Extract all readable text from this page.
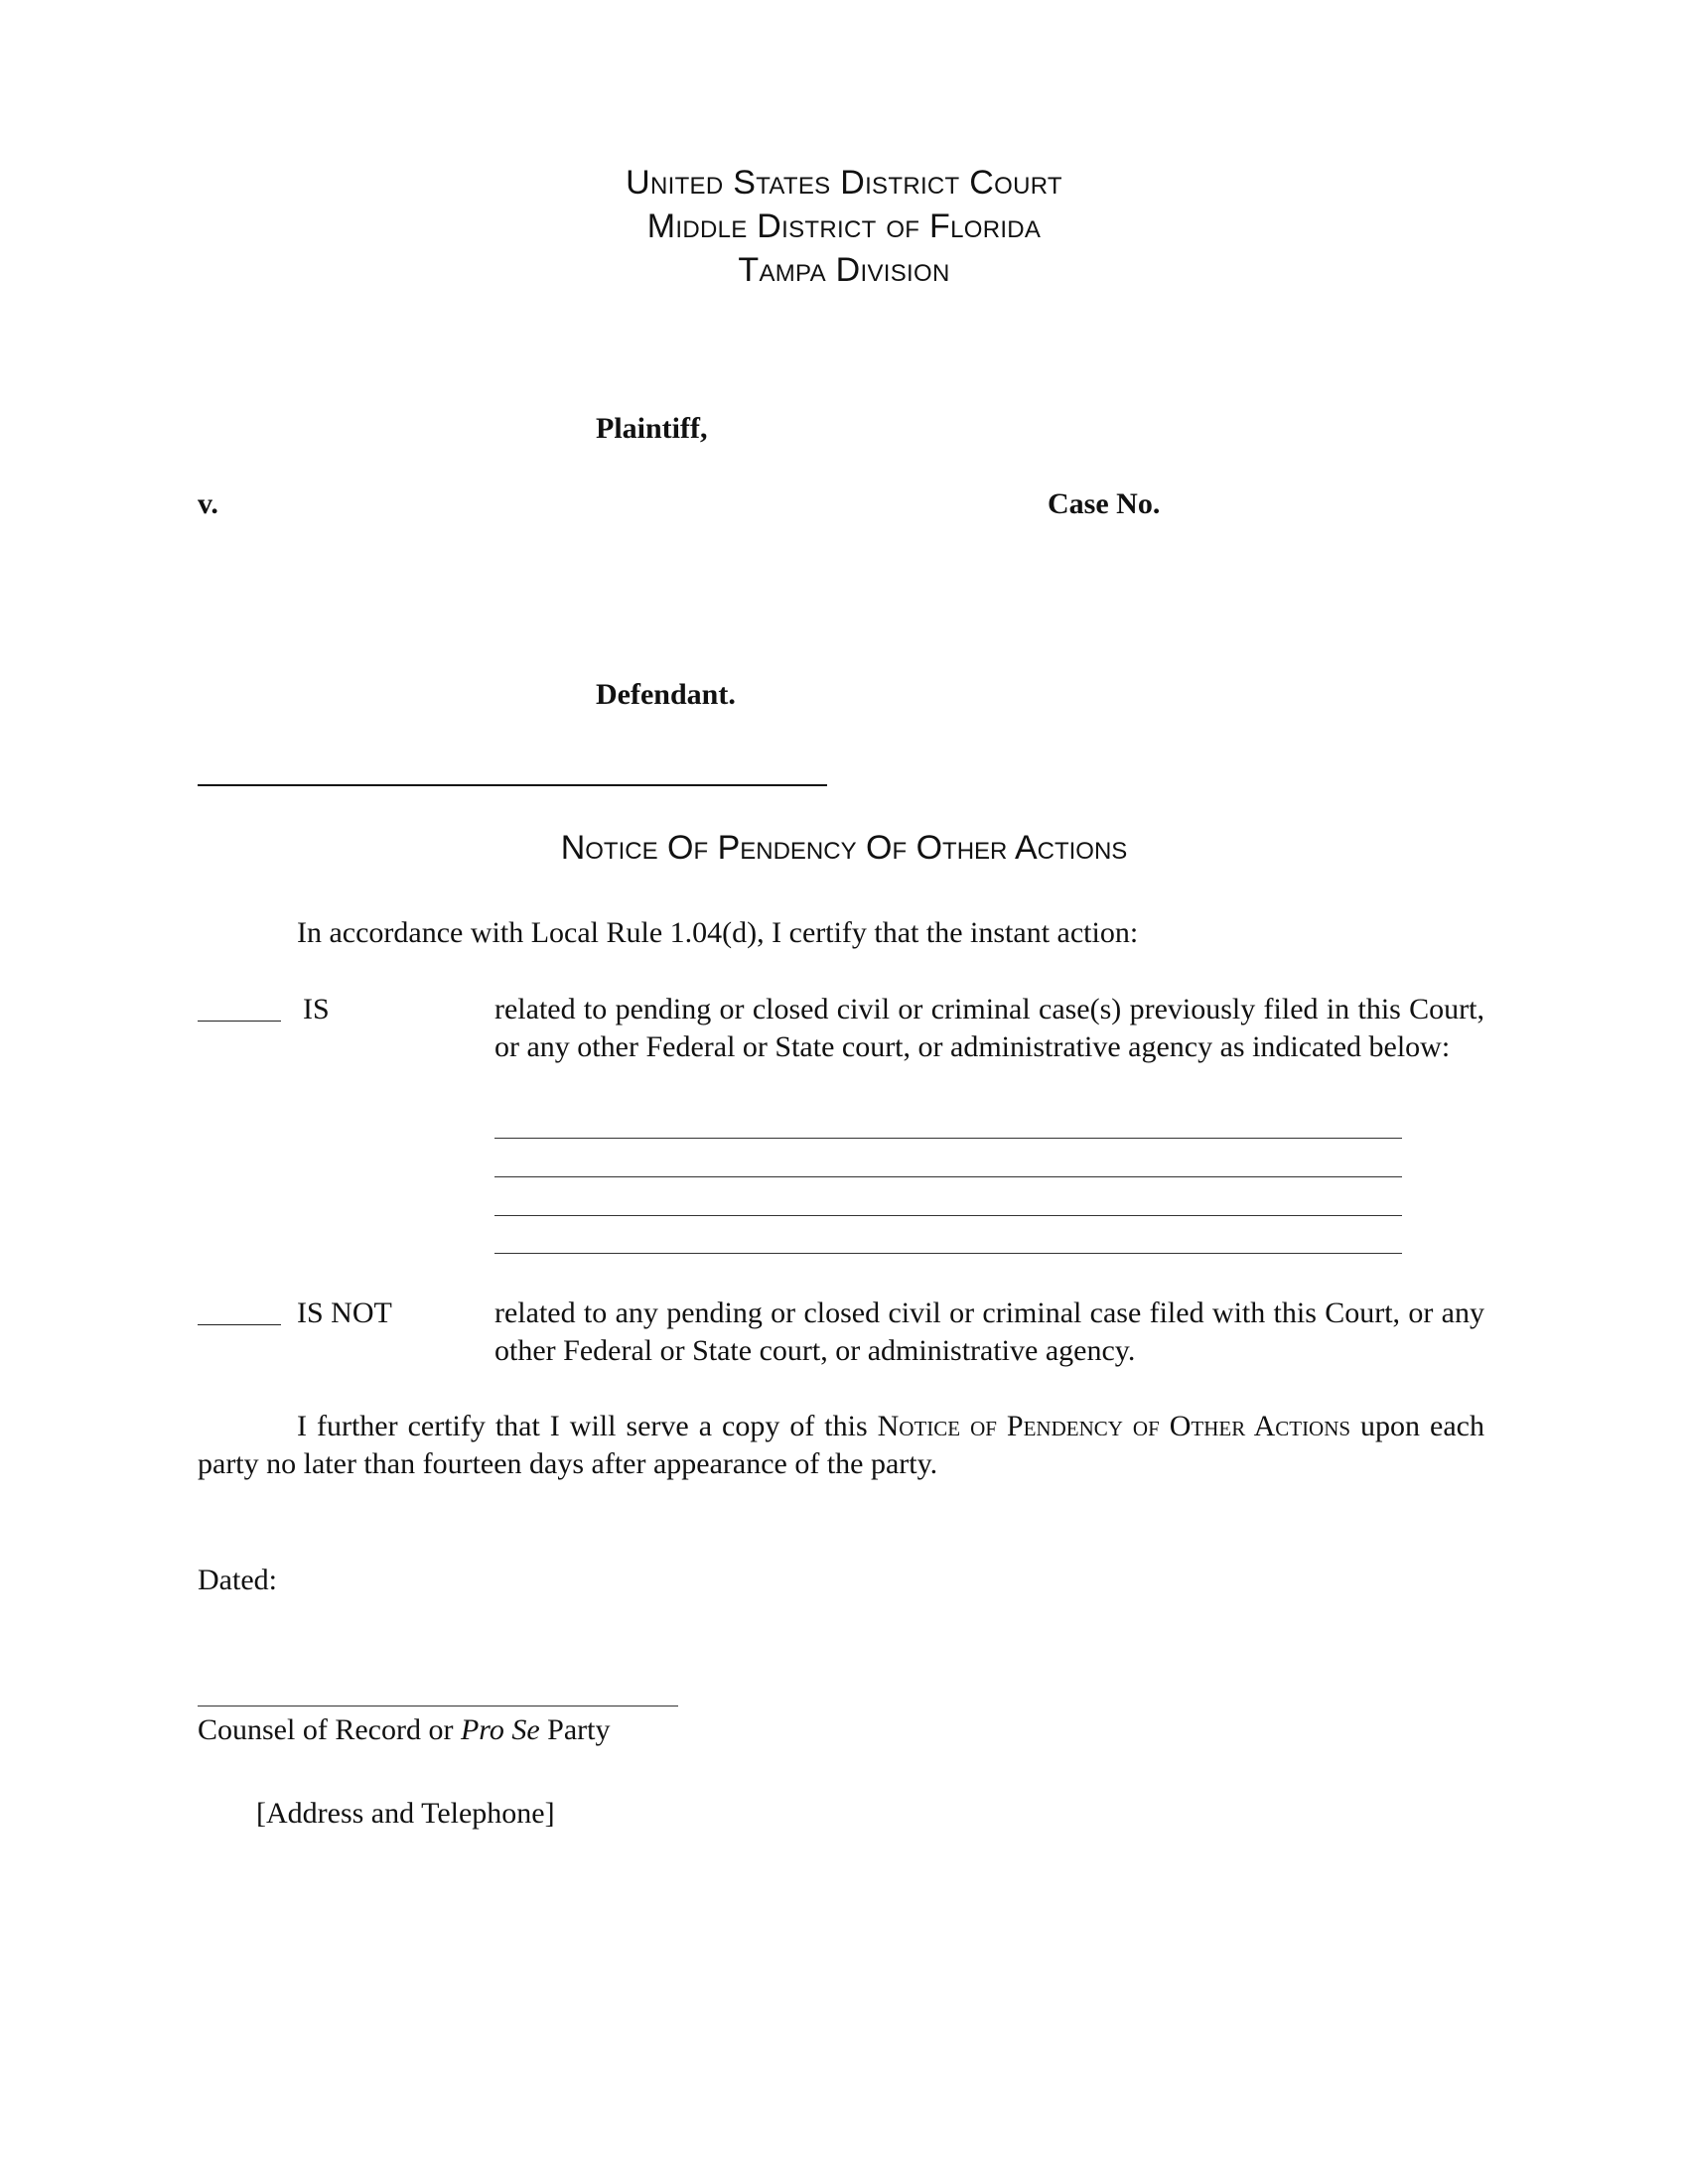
United States District Court
Middle District of Florida
Tampa Division
Plaintiff,
v.	Case No.
Defendant.
Notice Of Pendency Of Other Actions
In accordance with Local Rule 1.04(d), I certify that the instant action:
IS	related to pending or closed civil or criminal case(s) previously filed in this Court, or any other Federal or State court, or administrative agency as indicated below:
IS NOT	related to any pending or closed civil or criminal case filed with this Court, or any other Federal or State court, or administrative agency.
I further certify that I will serve a copy of this Notice of Pendency of Other Actions upon each party no later than fourteen days after appearance of the party.
Dated:
Counsel of Record or Pro Se Party
[Address and Telephone]
